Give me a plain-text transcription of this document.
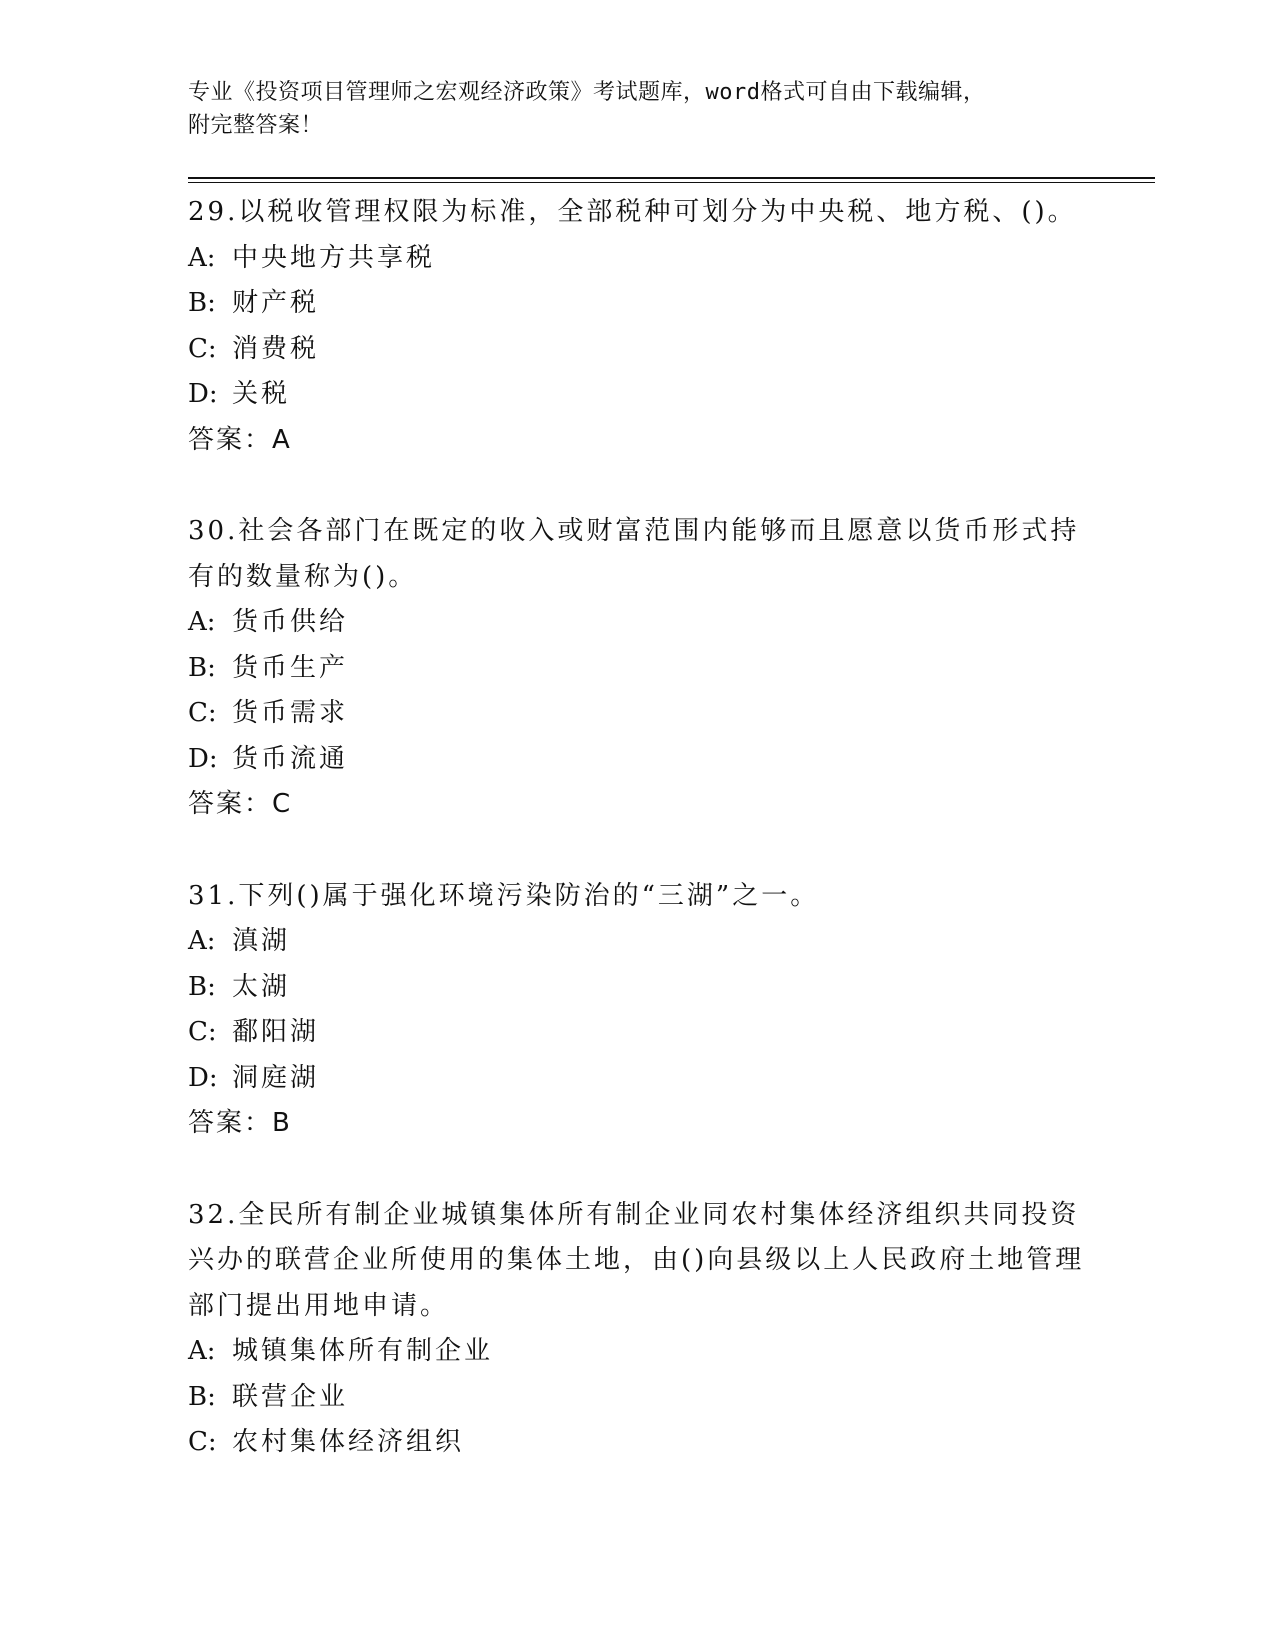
专业《投资项目管理师之宏观经济政策》考试题库，word格式可自由下载编辑，
附完整答案！

29.以税收管理权限为标准，全部税种可划分为中央税、地方税、()。

A: 中央地方共享税

B: 财产税

C: 消费税

D: 关税

答案：A

30.社会各部门在既定的收入或财富范围内能够而且愿意以货币形式持有的数量称为()。

A: 货币供给

B: 货币生产

C: 货币需求

D: 货币流通

答案：C

31.下列()属于强化环境污染防治的“三湖”之一。

A: 滇湖

B: 太湖

C: 鄱阳湖

D: 洞庭湖

答案：B

32.全民所有制企业城镇集体所有制企业同农村集体经济组织共同投资兴办的联营企业所使用的集体土地，由()向县级以上人民政府土地管理部门提出用地申请。

A: 城镇集体所有制企业

B: 联营企业

C: 农村集体经济组织
